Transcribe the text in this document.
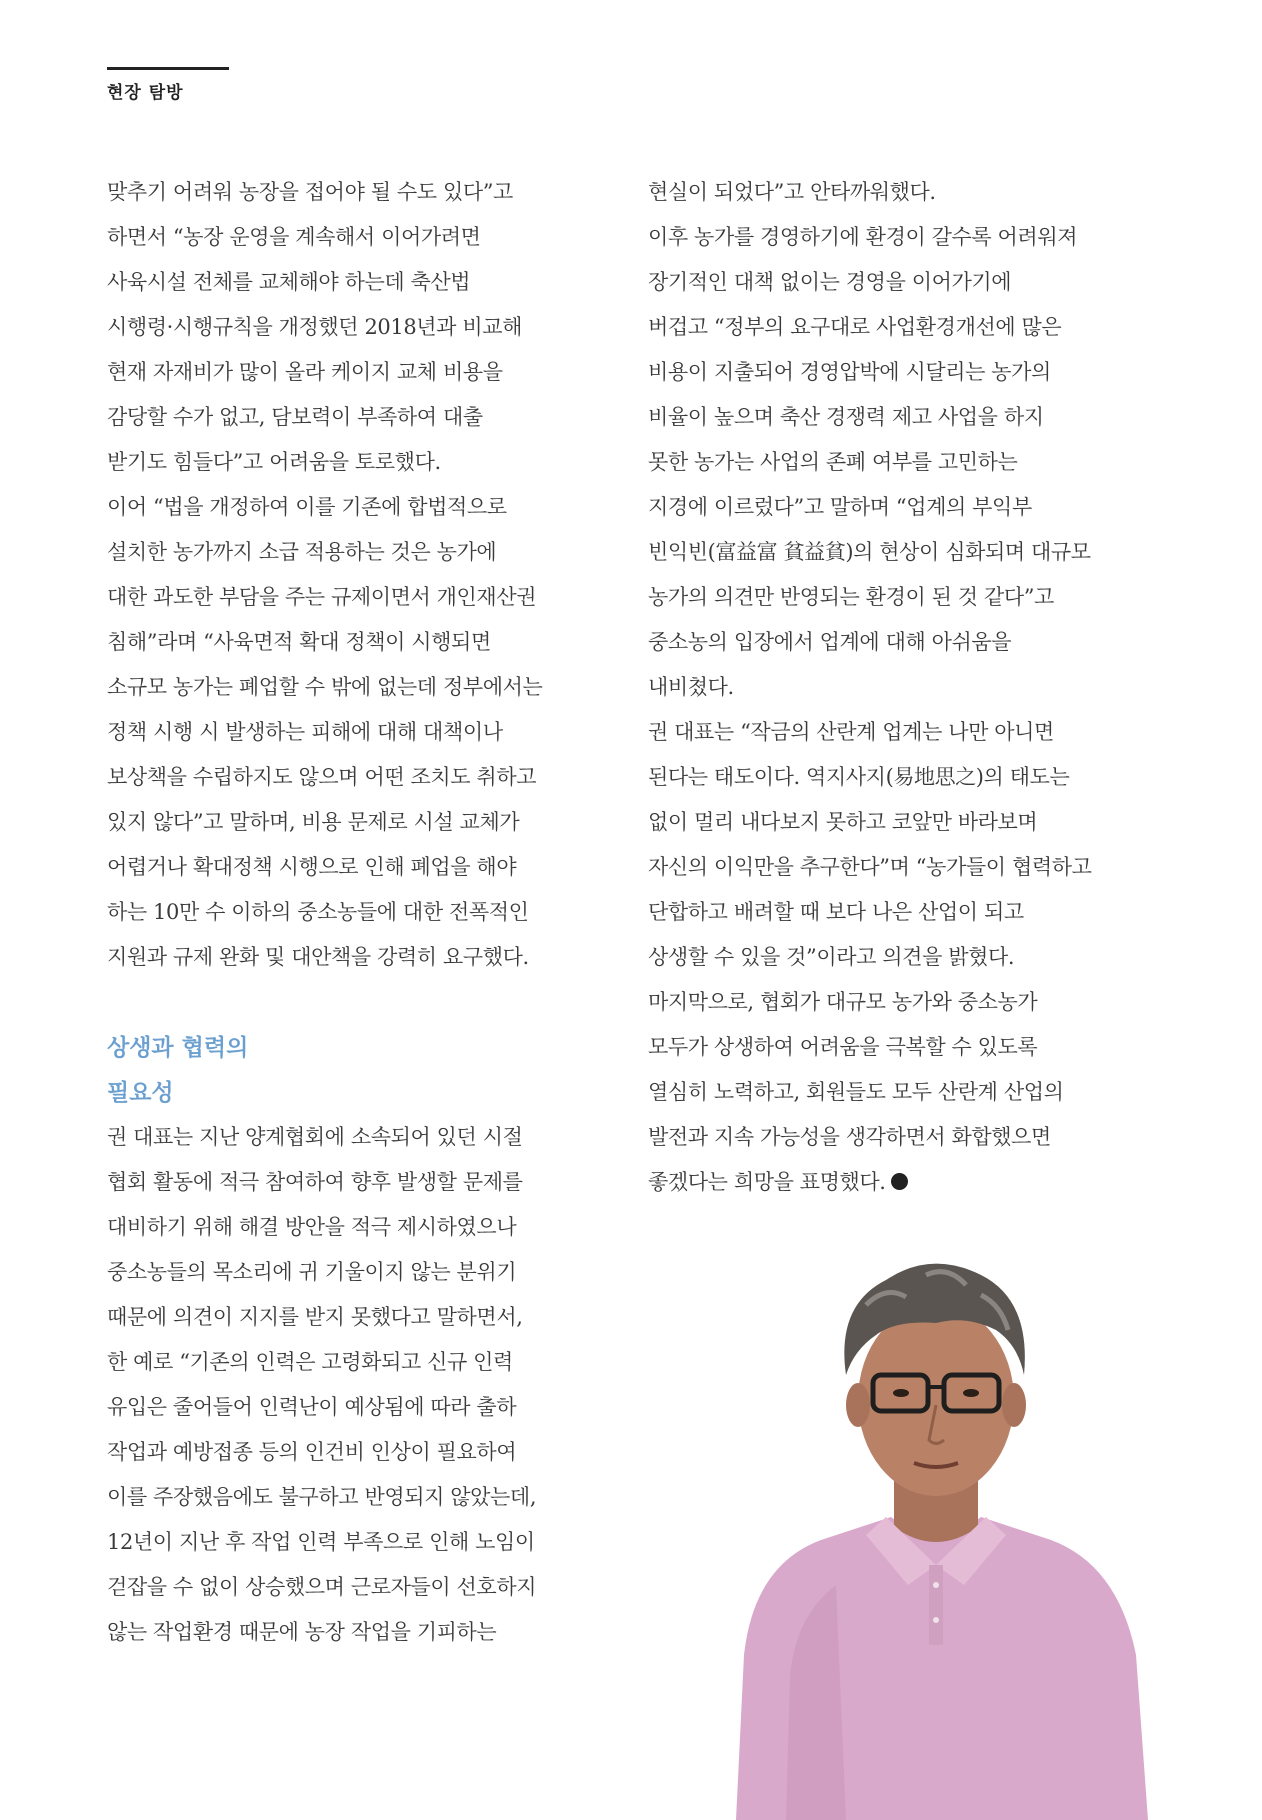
현장 탐방
맞추기 어려워 농장을 접어야 될 수도 있다”고
하면서 “농장 운영을 계속해서 이어가려면
사육시설 전체를 교체해야 하는데 축산법
시행령·시행규칙을 개정했던 2018년과 비교해
현재 자재비가 많이 올라 케이지 교체 비용을
감당할 수가 없고, 담보력이 부족하여 대출
받기도 힘들다”고 어려움을 토로했다.
이어 “법을 개정하여 이를 기존에 합법적으로
설치한 농가까지 소급 적용하는 것은 농가에
대한 과도한 부담을 주는 규제이면서 개인재산권
침해”라며 “사육면적 확대 정책이 시행되면
소규모 농가는 폐업할 수 밖에 없는데 정부에서는
정책 시행 시 발생하는 피해에 대해 대책이나
보상책을 수립하지도 않으며 어떤 조치도 취하고
있지 않다”고 말하며, 비용 문제로 시설 교체가
어렵거나 확대정책 시행으로 인해 폐업을 해야
하는 10만 수 이하의 중소농들에 대한 전폭적인
지원과 규제 완화 및 대안책을 강력히 요구했다.
상생과 협력의
필요성
권 대표는 지난 양계협회에 소속되어 있던 시절
협회 활동에 적극 참여하여 향후 발생할 문제를
대비하기 위해 해결 방안을 적극 제시하였으나
중소농들의 목소리에 귀 기울이지 않는 분위기
때문에 의견이 지지를 받지 못했다고 말하면서,
한 예로 “기존의 인력은 고령화되고 신규 인력
유입은 줄어들어 인력난이 예상됨에 따라 출하
작업과 예방접종 등의 인건비 인상이 필요하여
이를 주장했음에도 불구하고 반영되지 않았는데,
12년이 지난 후 작업 인력 부족으로 인해 노임이
걷잡을 수 없이 상승했으며 근로자들이 선호하지
않는 작업환경 때문에 농장 작업을 기피하는
현실이 되었다”고 안타까워했다.
이후 농가를 경영하기에 환경이 갈수록 어려워져
장기적인 대책 없이는 경영을 이어가기에
버겁고 “정부의 요구대로 사업환경개선에 많은
비용이 지출되어 경영압박에 시달리는 농가의
비율이 높으며 축산 경쟁력 제고 사업을 하지
못한 농가는 사업의 존폐 여부를 고민하는
지경에 이르렀다”고 말하며 “업계의 부익부
빈익빈(富益富 貧益貧)의 현상이 심화되며 대규모
농가의 의견만 반영되는 환경이 된 것 같다”고
중소농의 입장에서 업계에 대해 아쉬움을
내비쳤다.
권 대표는 “작금의 산란계 업계는 나만 아니면
된다는 태도이다. 역지사지(易地思之)의 태도는
없이 멀리 내다보지 못하고 코앞만 바라보며
자신의 이익만을 추구한다”며 “농가들이 협력하고
단합하고 배려할 때 보다 나은 산업이 되고
상생할 수 있을 것”이라고 의견을 밝혔다.
마지막으로, 협회가 대규모 농가와 중소농가
모두가 상생하여 어려움을 극복할 수 있도록
열심히 노력하고, 회원들도 모두 산란계 산업의
발전과 지속 가능성을 생각하면서 화합했으면
좋겠다는 희망을 표명했다.
